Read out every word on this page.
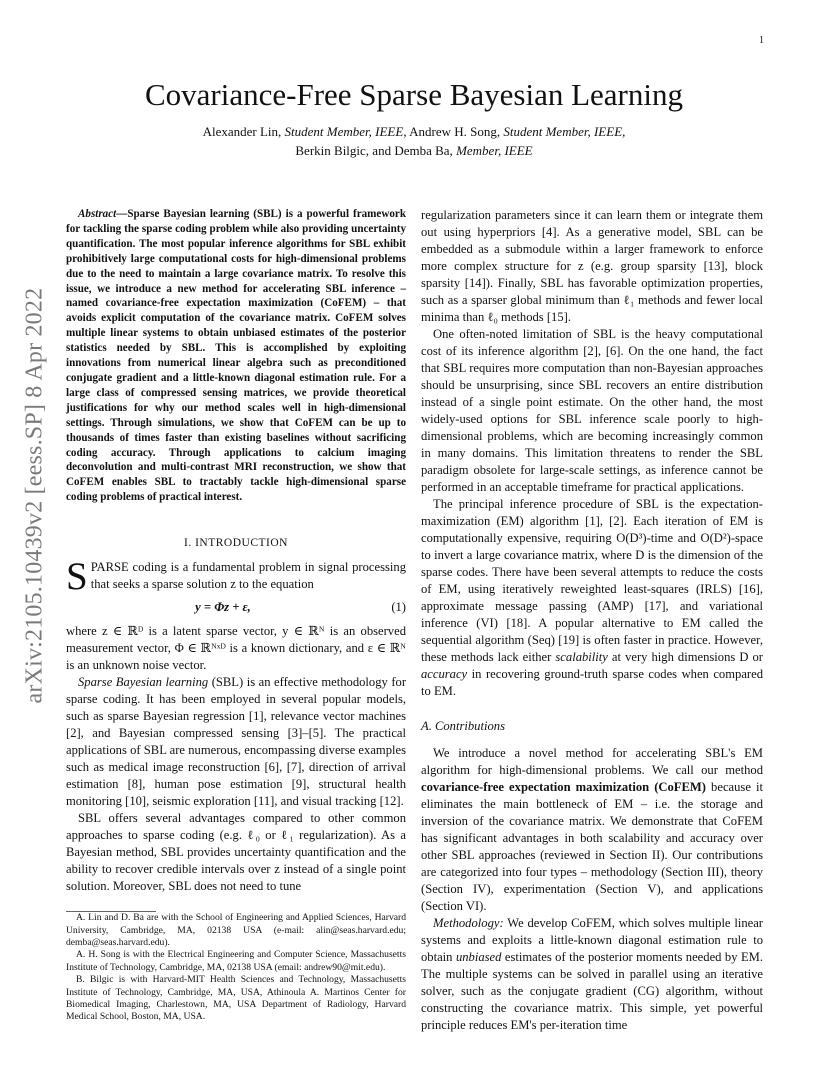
1
arXiv:2105.10439v2 [eess.SP] 8 Apr 2022
Covariance-Free Sparse Bayesian Learning
Alexander Lin, Student Member, IEEE, Andrew H. Song, Student Member, IEEE,
Berkin Bilgic, and Demba Ba, Member, IEEE

Abstract—Sparse Bayesian learning (SBL) is a powerful framework for tackling the sparse coding problem while also providing uncertainty quantification. The most popular inference algorithms for SBL exhibit prohibitively large computational costs for high-dimensional problems due to the need to maintain a large covariance matrix. To resolve this issue, we introduce a new method for accelerating SBL inference – named covariance-free expectation maximization (CoFEM) – that avoids explicit computation of the covariance matrix. CoFEM solves multiple linear systems to obtain unbiased estimates of the posterior statistics needed by SBL. This is accomplished by exploiting innovations from numerical linear algebra such as preconditioned conjugate gradient and a little-known diagonal estimation rule. For a large class of compressed sensing matrices, we provide theoretical justifications for why our method scales well in high-dimensional settings. Through simulations, we show that CoFEM can be up to thousands of times faster than existing baselines without sacrificing coding accuracy. Through applications to calcium imaging deconvolution and multi-contrast MRI reconstruction, we show that CoFEM enables SBL to tractably tackle high-dimensional sparse coding problems of practical interest.

I. INTRODUCTION

SPARSE coding is a fundamental problem in signal processing that seeks a sparse solution z to the equation

y = Φz + ε,	(1)

where z ∈ ℝᴰ is a latent sparse vector, y ∈ ℝᴺ is an observed measurement vector, Φ ∈ ℝᴺˣᴰ is a known dictionary, and ε ∈ ℝᴺ is an unknown noise vector.

Sparse Bayesian learning (SBL) is an effective methodology for sparse coding. It has been employed in several popular models, such as sparse Bayesian regression [1], relevance vector machines [2], and Bayesian compressed sensing [3]–[5]. The practical applications of SBL are numerous, encompassing diverse examples such as medical image reconstruction [6], [7], direction of arrival estimation [8], human pose estimation [9], structural health monitoring [10], seismic exploration [11], and visual tracking [12].

SBL offers several advantages compared to other common approaches to sparse coding (e.g. ℓ₀ or ℓ₁ regularization). As a Bayesian method, SBL provides uncertainty quantification and the ability to recover credible intervals over z instead of a single point solution. Moreover, SBL does not need to tune

A. Lin and D. Ba are with the School of Engineering and Applied Sciences, Harvard University, Cambridge, MA, 02138 USA (e-mail: alin@seas.harvard.edu; demba@seas.harvard.edu).

A. H. Song is with the Electrical Engineering and Computer Science, Massachusetts Institute of Technology, Cambridge, MA, 02138 USA (email: andrew90@mit.edu).

B. Bilgic is with Harvard-MIT Health Sciences and Technology, Massachusetts Institute of Technology, Cambridge, MA, USA, Athinoula A. Martinos Center for Biomedical Imaging, Charlestown, MA, USA Department of Radiology, Harvard Medical School, Boston, MA, USA.

regularization parameters since it can learn them or integrate them out using hyperpriors [4]. As a generative model, SBL can be embedded as a submodule within a larger framework to enforce more complex structure for z (e.g. group sparsity [13], block sparsity [14]). Finally, SBL has favorable optimization properties, such as a sparser global minimum than ℓ₁ methods and fewer local minima than ℓ₀ methods [15].

One often-noted limitation of SBL is the heavy computational cost of its inference algorithm [2], [6]. On the one hand, the fact that SBL requires more computation than non-Bayesian approaches should be unsurprising, since SBL recovers an entire distribution instead of a single point estimate. On the other hand, the most widely-used options for SBL inference scale poorly to high-dimensional problems, which are becoming increasingly common in many domains. This limitation threatens to render the SBL paradigm obsolete for large-scale settings, as inference cannot be performed in an acceptable timeframe for practical applications.

The principal inference procedure of SBL is the expectation-maximization (EM) algorithm [1], [2]. Each iteration of EM is computationally expensive, requiring O(D³)-time and O(D²)-space to invert a large covariance matrix, where D is the dimension of the sparse codes. There have been several attempts to reduce the costs of EM, using iteratively reweighted least-squares (IRLS) [16], approximate message passing (AMP) [17], and variational inference (VI) [18]. A popular alternative to EM called the sequential algorithm (Seq) [19] is often faster in practice. However, these methods lack either scalability at very high dimensions D or accuracy in recovering ground-truth sparse codes when compared to EM.

A. Contributions

We introduce a novel method for accelerating SBL's EM algorithm for high-dimensional problems. We call our method covariance-free expectation maximization (CoFEM) because it eliminates the main bottleneck of EM – i.e. the storage and inversion of the covariance matrix. We demonstrate that CoFEM has significant advantages in both scalability and accuracy over other SBL approaches (reviewed in Section II). Our contributions are categorized into four types – methodology (Section III), theory (Section IV), experimentation (Section V), and applications (Section VI).

Methodology: We develop CoFEM, which solves multiple linear systems and exploits a little-known diagonal estimation rule to obtain unbiased estimates of the posterior moments needed by EM. The multiple systems can be solved in parallel using an iterative solver, such as the conjugate gradient (CG) algorithm, without constructing the covariance matrix. This simple, yet powerful principle reduces EM's per-iteration time
